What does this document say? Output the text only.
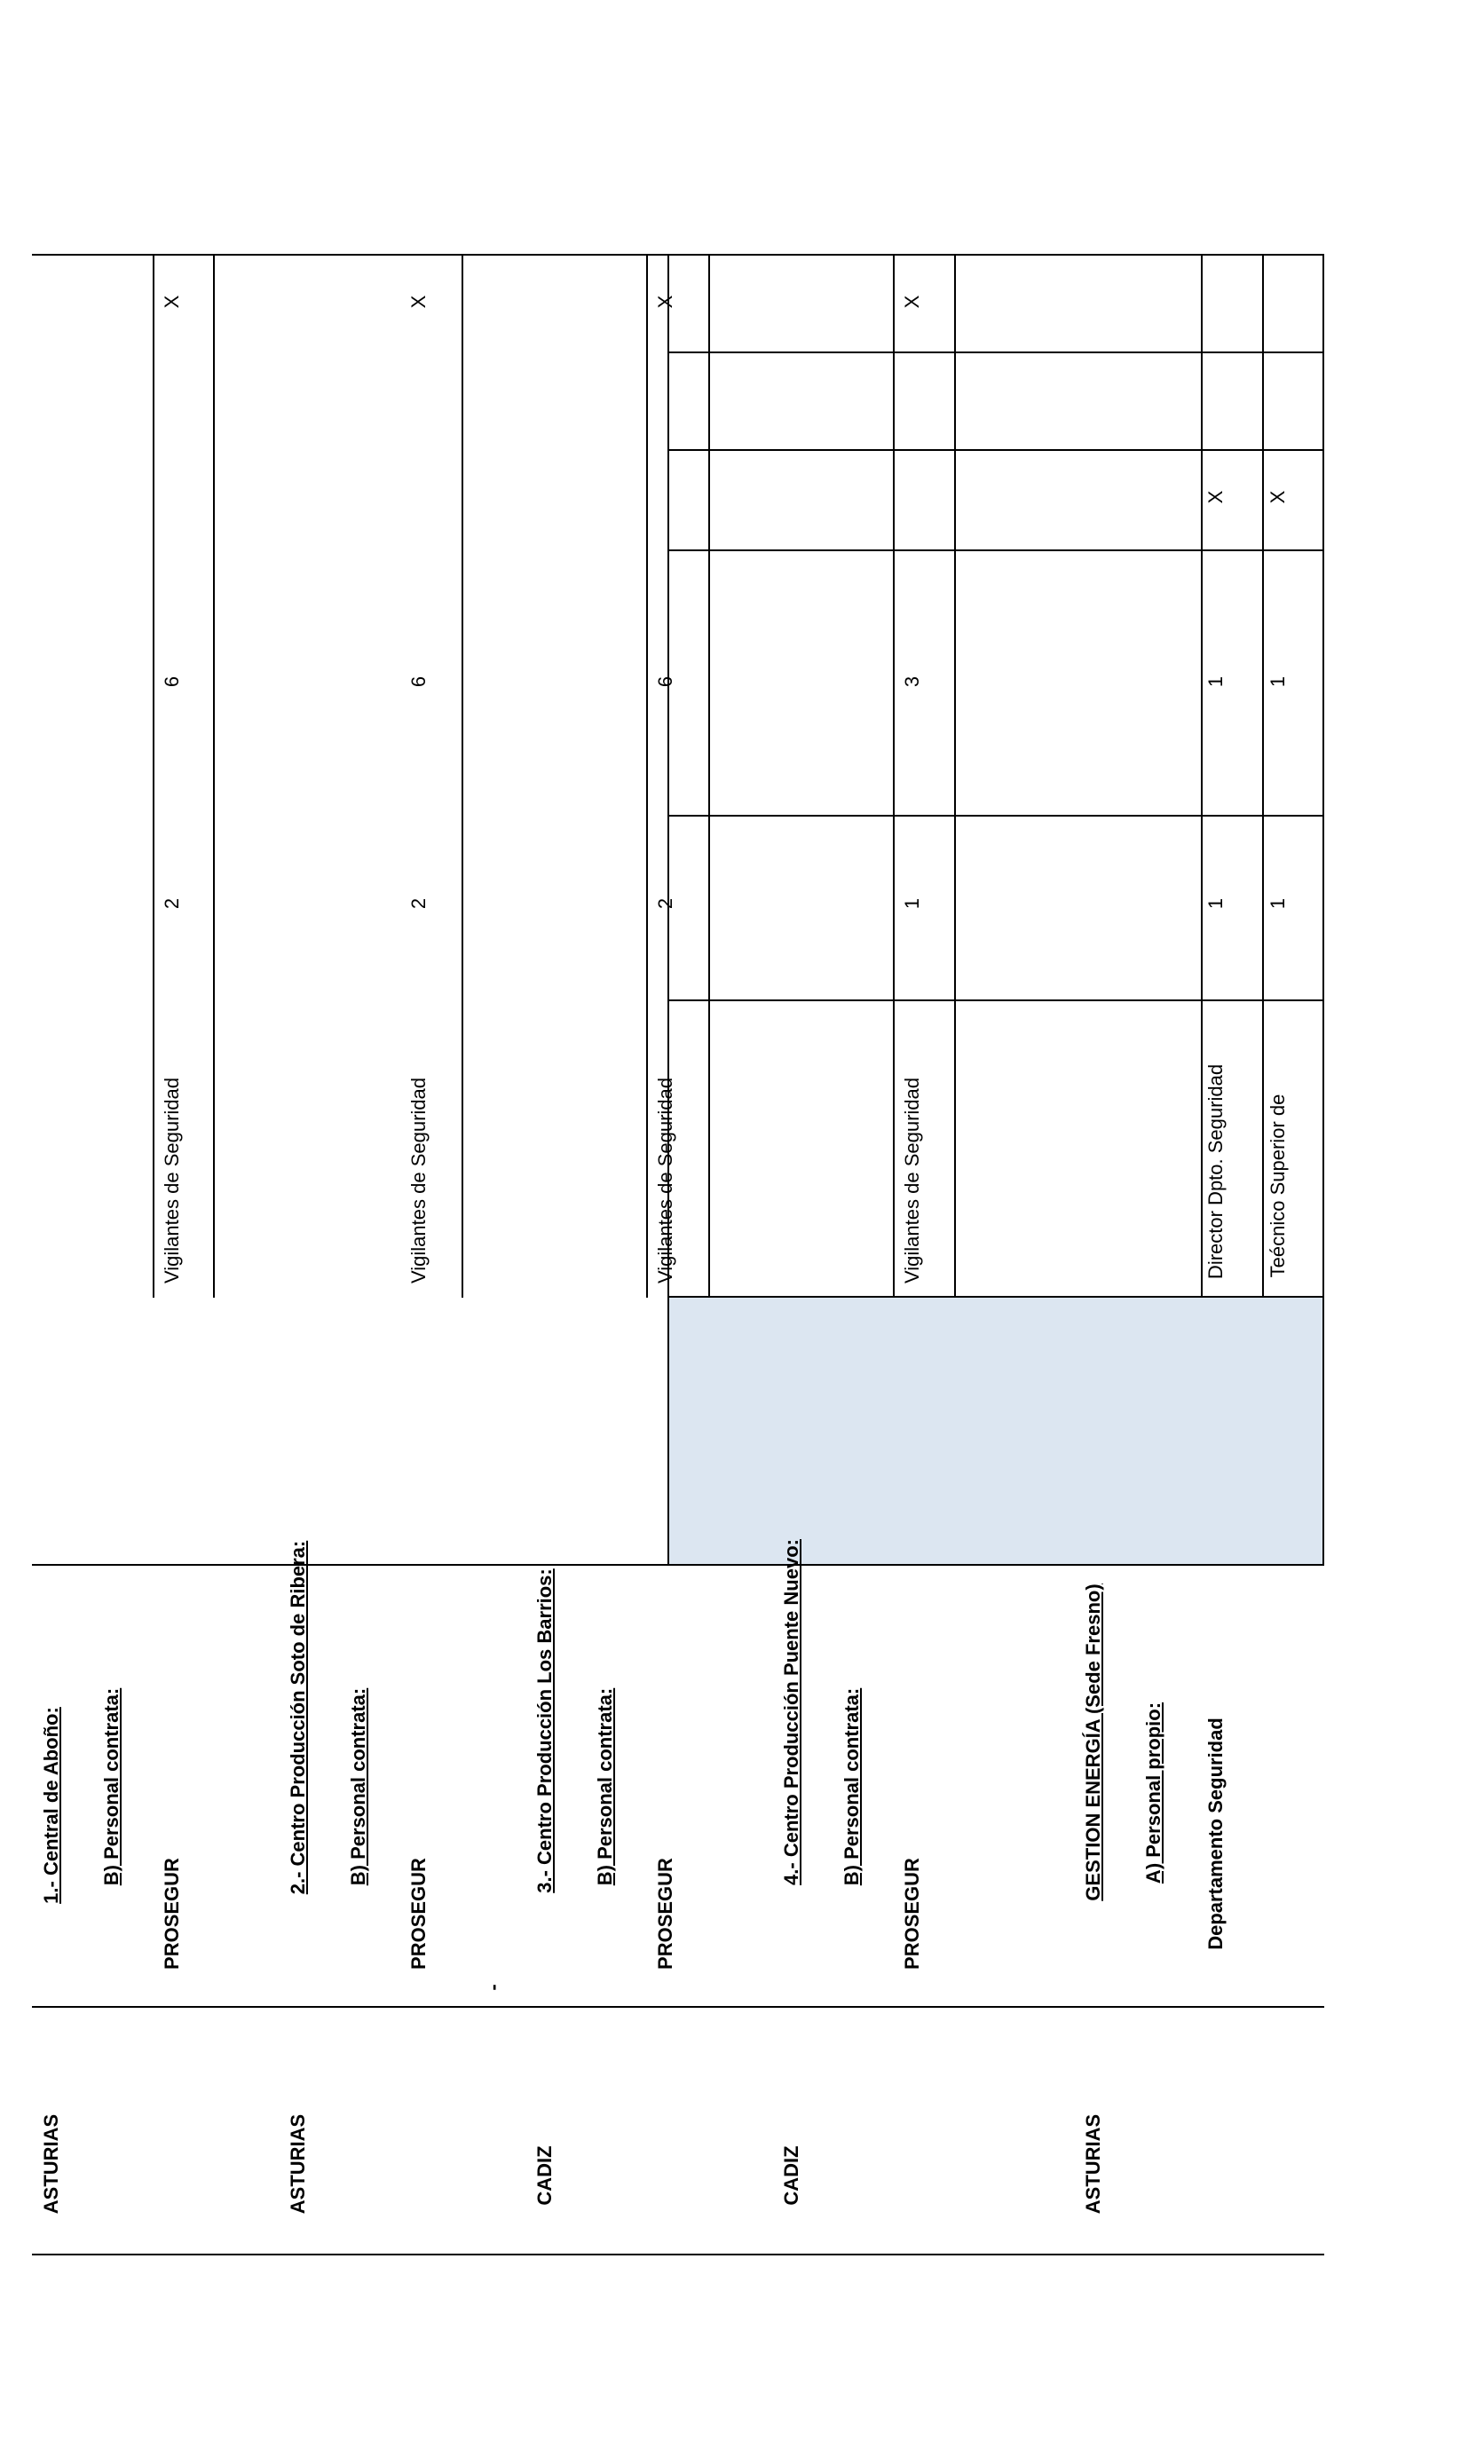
ASTURIAS
1.- Central de Aboño: B) Personal contrata:
PROSEGUR
Vigilantes de Seguridad
2
6
X
ASTURIAS
2.- Centro Producción Soto de Ribera: B) Personal contrata:
PROSEGUR
Vigilantes de Seguridad
2
6
X
-
CADIZ
3.- Centro Producción Los Barrios: B) Personal contrata:
PROSEGUR
Vigilantes de Seguridad
2
6
X
CADIZ
4.- Centro Producción Puente Nuevo: B) Personal contrata:
PROSEGUR
Vigilantes de Seguridad
1
3
X
ASTURIAS
GESTION ENERGÍA (Sede Fresno) A) Personal propio: Departamento Seguridad
Director Dpto. Seguridad
1
1
X
Teécnico Superior de
1
1
X
